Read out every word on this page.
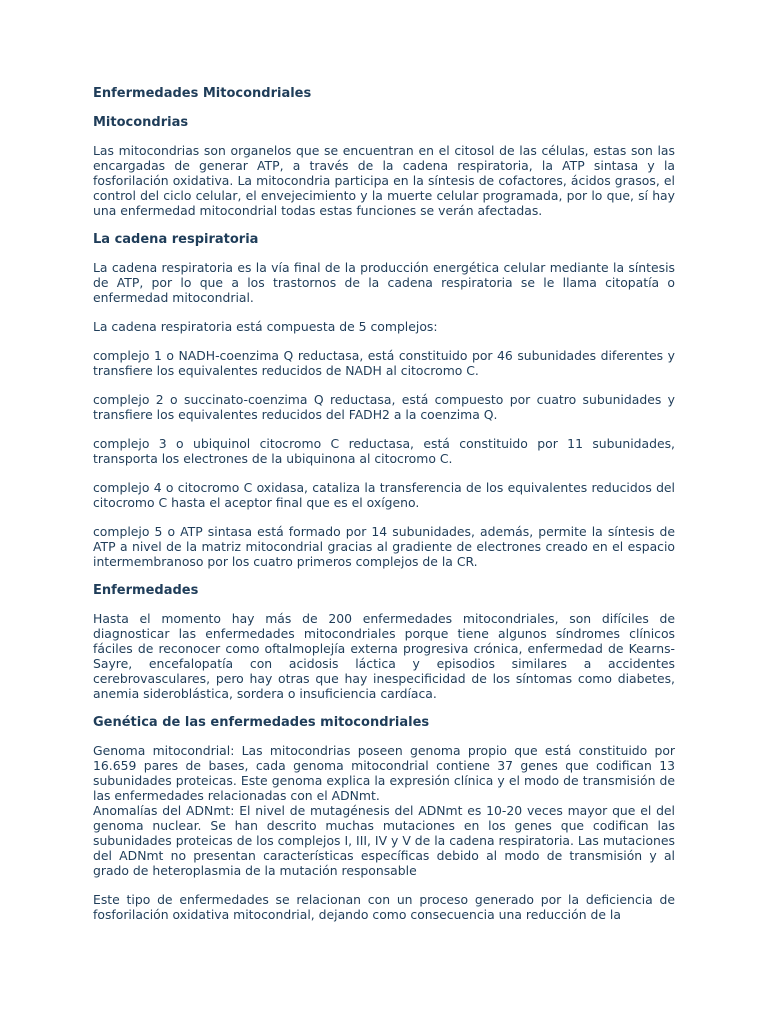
Enfermedades Mitocondriales
Mitocondrias

Las mitocondrias son organelos que se encuentran en el citosol de las células, estas son las encargadas de generar ATP, a través de la cadena respiratoria, la ATP sintasa y la fosforilación oxidativa. La mitocondria participa en la síntesis de cofactores, ácidos grasos, el control del ciclo celular, el envejecimiento y la muerte celular programada, por lo que, sí hay una enfermedad mitocondrial todas estas funciones se verán afectadas.

La cadena respiratoria

La cadena respiratoria es la vía final de la producción energética celular mediante la síntesis de ATP, por lo que a los trastornos de la cadena respiratoria se le llama citopatía o enfermedad mitocondrial.

La cadena respiratoria está compuesta de 5 complejos:

complejo 1 o NADH-coenzima Q reductasa, está constituido por 46 subunidades diferentes y transfiere los equivalentes reducidos de NADH al citocromo C.

complejo 2 o succinato-coenzima Q reductasa, está compuesto por cuatro subunidades y transfiere los equivalentes reducidos del FADH2 a la coenzima Q.

complejo 3 o ubiquinol citocromo C reductasa, está constituido por 11 subunidades, transporta los electrones de la ubiquinona al citocromo C.

complejo 4 o citocromo C oxidasa, cataliza la transferencia de los equivalentes reducidos del citocromo C hasta el aceptor final que es el oxígeno.

complejo 5 o ATP sintasa está formado por 14 subunidades, además, permite la síntesis de ATP a nivel de la matriz mitocondrial gracias al gradiente de electrones creado en el espacio intermembranoso por los cuatro primeros complejos de la CR.

Enfermedades

Hasta el momento hay más de 200 enfermedades mitocondriales, son difíciles de diagnosticar las enfermedades mitocondriales porque tiene algunos síndromes clínicos fáciles de reconocer como oftalmoplejía externa progresiva crónica, enfermedad de Kearns-Sayre, encefalopatía con acidosis láctica y episodios similares a accidentes cerebrovasculares, pero hay otras que hay inespecificidad de los síntomas como diabetes, anemia sideroblástica, sordera o insuficiencia cardíaca.

Genética de las enfermedades mitocondriales
Genoma mitocondrial: Las mitocondrias poseen genoma propio que está constituido por 16.659 pares de bases, cada genoma mitocondrial contiene 37 genes que codifican 13 subunidades proteicas. Este genoma explica la expresión clínica y el modo de transmisión de las enfermedades relacionadas con el ADNmt.
Anomalías del ADNmt: El nivel de mutagénesis del ADNmt es 10-20 veces mayor que el del genoma nuclear. Se han descrito muchas mutaciones en los genes que codifican las subunidades proteicas de los complejos I, III, IV y V de la cadena respiratoria. Las mutaciones del ADNmt no presentan características específicas debido al modo de transmisión y al grado de heteroplasmia de la mutación responsable

Este tipo de enfermedades se relacionan con un proceso generado por la deficiencia de fosforilación oxidativa mitocondrial, dejando como consecuencia una reducción de la
